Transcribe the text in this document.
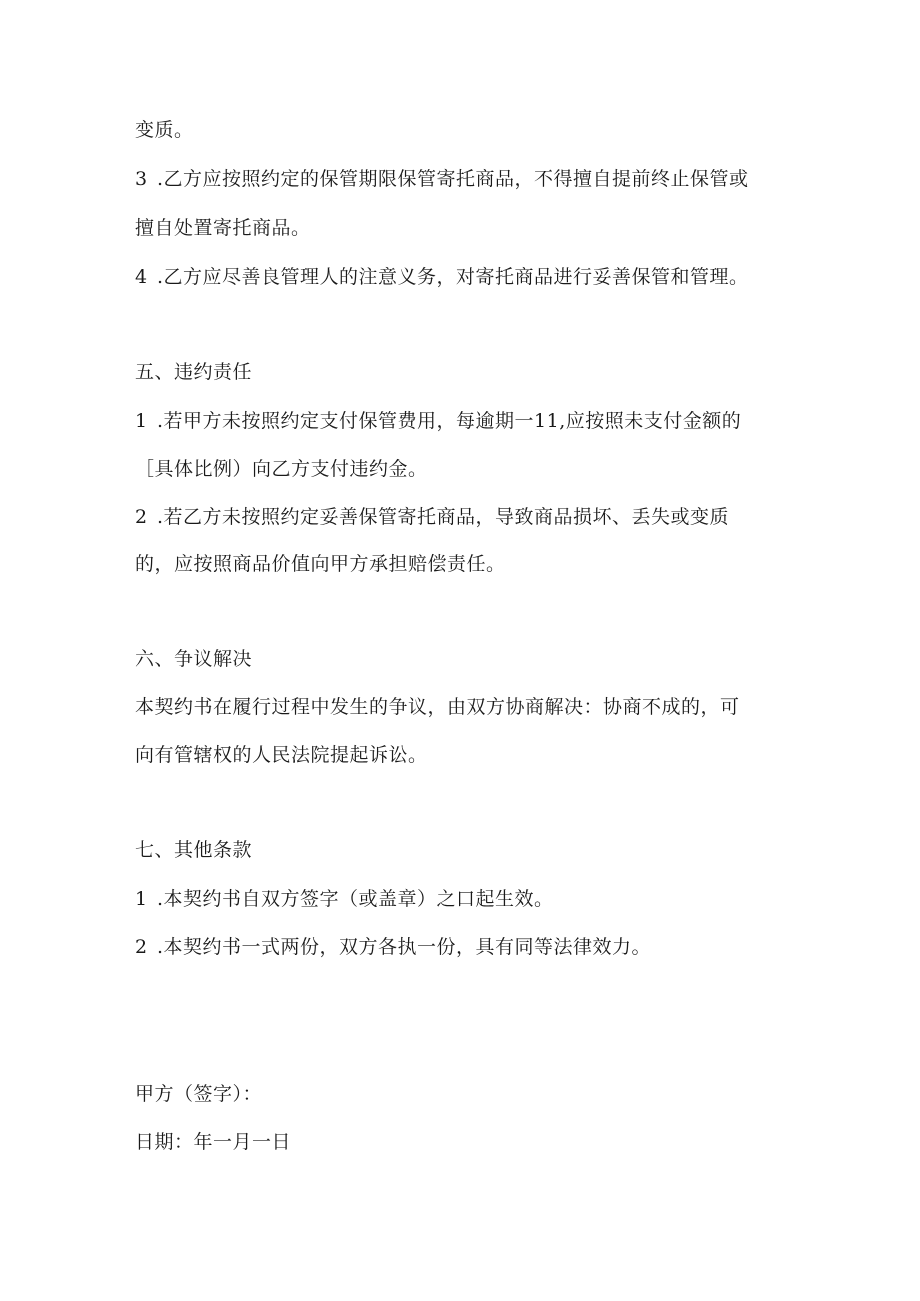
变质。
3 .乙方应按照约定的保管期限保管寄托商品，不得擅自提前终止保管或
擅自处置寄托商品。
4 .乙方应尽善良管理人的注意义务，对寄托商品进行妥善保管和管理。
五、违约责任
1 .若甲方未按照约定支付保管费用，每逾期一11,应按照未支付金额的
［具体比例）向乙方支付违约金。
2 .若乙方未按照约定妥善保管寄托商品，导致商品损坏、丢失或变质
的，应按照商品价值向甲方承担赔偿责任。
六、争议解决
本契约书在履行过程中发生的争议，由双方协商解决：协商不成的，可
向有管辖权的人民法院提起诉讼。
七、其他条款
1 .本契约书自双方签字（或盖章）之口起生效。
2 .本契约书一式两份，双方各执一份，具有同等法律效力。
甲方（签字）：
日期：年一月一日
